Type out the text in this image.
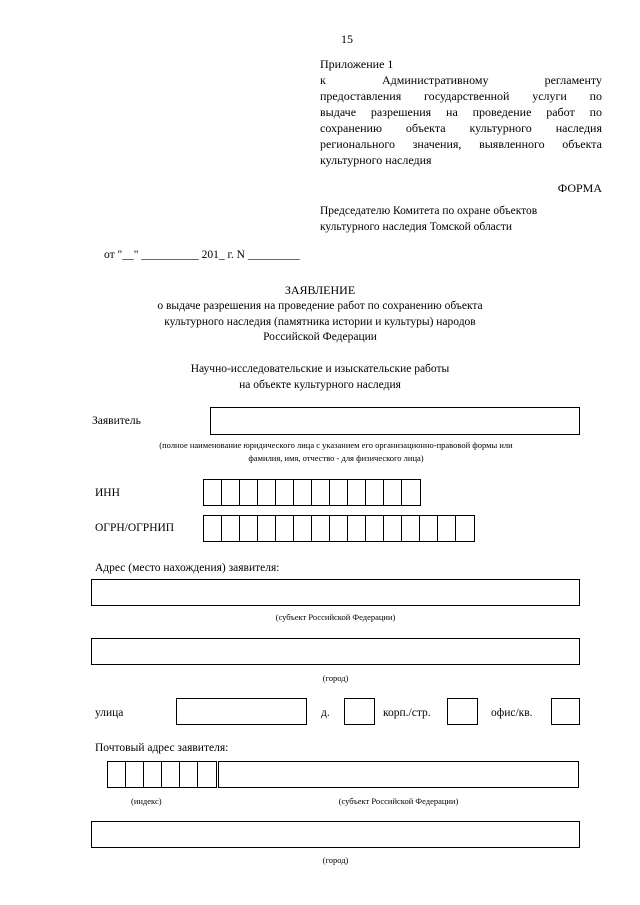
15
Приложение 1
к Административному регламенту
предоставления государственной услуги по
выдаче разрешения на проведение работ по
сохранению объекта культурного наследия
регионального значения, выявленного объекта
культурного наследия
ФОРМА
Председателю Комитета по охране объектов
культурного наследия Томской области
от "__" __________ 201_ г. N _________
ЗАЯВЛЕНИЕ
о выдаче разрешения на проведение работ по сохранению объекта
культурного наследия (памятника истории и культуры) народов
Российской Федерации
Научно-исследовательские и изыскательские работы
на объекте культурного наследия
Заявитель
(полное наименование юридического лица с указанием его организационно-правовой формы или
фамилия, имя, отчество - для физического лица)
ИНН
ОГРН/ОГРНИП
Адрес (место нахождения) заявителя:
(субъект Российской Федерации)
(город)
улица	д.	корп./стр.	офис/кв.
Почтовый адрес заявителя:
(индекс)	(субъект Российской Федерации)
(город)
